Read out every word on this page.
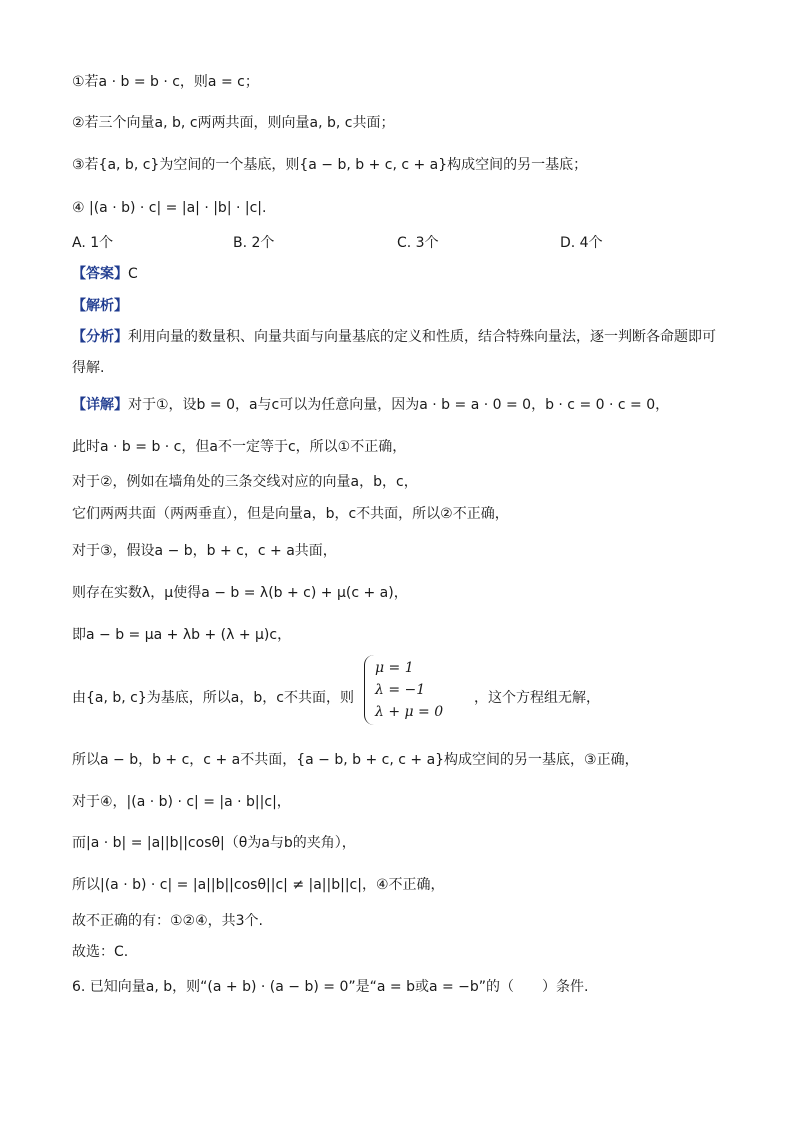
①若a · b = b · c，则a = c；
②若三个向量a, b, c两两共面，则向量a, b, c共面；
③若{a, b, c}为空间的一个基底，则{a − b, b + c, c + a}构成空间的另一基底；
④ |(a · b) · c| = |a| · |b| · |c|.
A. 1个	B. 2个	C. 3个	D. 4个
【答案】C
【解析】
【分析】利用向量的数量积、向量共面与向量基底的定义和性质，结合特殊向量法，逐一判断各命题即可
得解.
【详解】对于①，设b = 0，a与c可以为任意向量，因为a · b = a · 0 = 0，b · c = 0 · c = 0，
此时a · b = b · c，但a不一定等于c，所以①不正确，
对于②，例如在墙角处的三条交线对应的向量a，b，c，
它们两两共面（两两垂直），但是向量a，b，c不共面，所以②不正确，
对于③，假设a − b，b + c，c + a共面，
则存在实数λ，μ使得a − b = λ(b + c) + μ(c + a)，
即a − b = μa + λb + (λ + μ)c，
由{a, b, c}为基底，所以a，b，c不共面，则
μ = 1
λ = −1
λ + μ = 0
，这个方程组无解，
所以a − b，b + c，c + a不共面，{a − b, b + c, c + a}构成空间的另一基底，③正确，
对于④，|(a · b) · c| = |a · b||c|，
而|a · b| = |a||b||cosθ|（θ为a与b的夹角），
所以|(a · b) · c| = |a||b||cosθ||c| ≠ |a||b||c|，④不正确，
故不正确的有：①②④，共3个.
故选：C.
6. 已知向量a, b，则“(a + b) · (a − b) = 0”是“a = b或a = −b”的（　　）条件.
